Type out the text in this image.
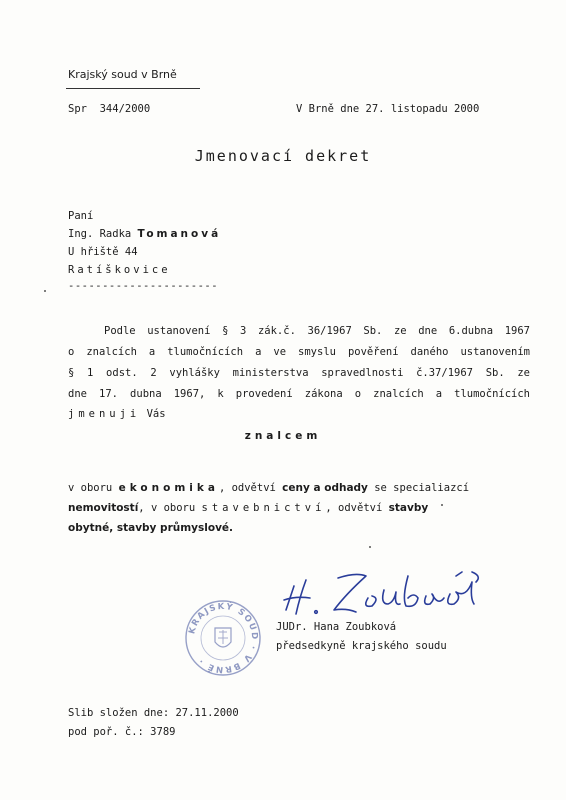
Krajský soud v Brně
Spr  344/2000	V Brně dne 27. listopadu 2000
Jmenovací dekret
Paní
Ing. Radka Tomanová
U hřiště 44
Ratíškovice
----------------------
Podle ustanovení § 3 zák.č. 36/1967 Sb. ze dne 6.dubna 1967
o znalcích a tlumočnících a ve smyslu pověření daného ustanovením
§ 1 odst. 2 vyhlášky ministerstva spravedlnosti č.37/1967 Sb. ze
dne 17. dubna 1967, k provedení zákona o znalcích a tlumočnících
jmenuji Vás
znalcem
v oboru ekonomika, odvětví ceny a odhady se specialiazcí
nemovitostí, v oboru stavebnictví, odvětví stavby
obytné, stavby průmyslové.
KRAJSKÝ SOUD · V BRNĚ ·
H. Zoubková
JUDr. Hana Zoubková
předsedkyně krajského soudu
Slib složen dne: 27.11.2000
pod poř. č.: 3789
